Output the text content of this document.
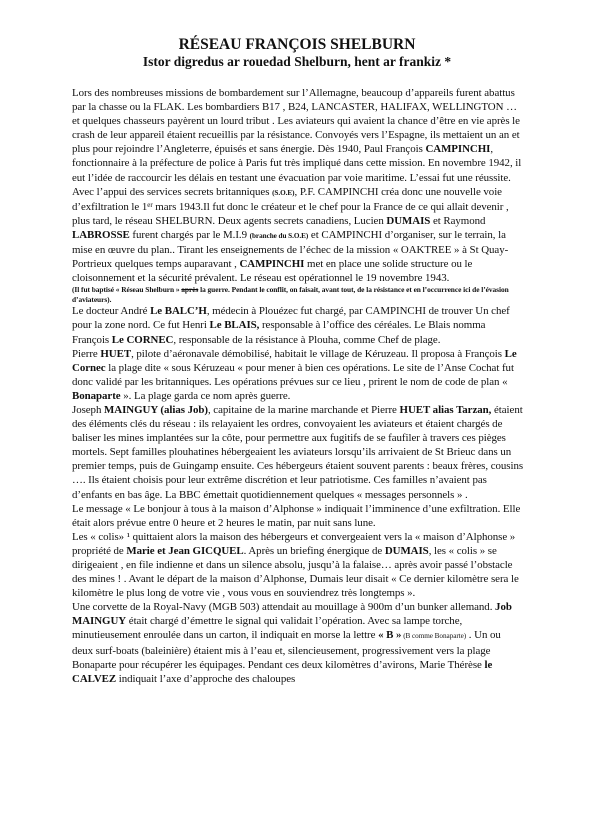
RÉSEAU FRANÇOIS SHELBURN
Istor digredus ar rouedad Shelburn, hent ar frankiz *

Lors des nombreuses missions de bombardement sur l’Allemagne, beaucoup d’appareils furent abattus par la chasse ou la FLAK. Les bombardiers B17 , B24, LANCASTER, HALIFAX, WELLINGTON … et quelques chasseurs payèrent un lourd tribut . Les aviateurs qui avaient la chance d’être en vie après le crash de leur appareil étaient recueillis par la résistance. Convoyés vers l’Espagne, ils mettaient un an et plus pour rejoindre l’Angleterre, épuisés et sans énergie. Dès 1940, Paul François CAMPINCHI, fonctionnaire à la préfecture de police à Paris fut très impliqué dans cette mission. En novembre 1942, il eut l’idée de raccourcir les délais en testant une évacuation par voie maritime. L’essai fut une réussite. Avec l’appui des services secrets britanniques (S.O.E), P.F. CAMPINCHI créa donc une nouvelle voie d’exfiltration le 1er mars 1943.Il fut donc le créateur et le chef pour la France de ce qui allait devenir , plus tard, le réseau SHELBURN. Deux agents secrets canadiens, Lucien DUMAIS et Raymond LABROSSE furent chargés par le M.I.9 (branche du S.O.E) et CAMPINCHI d’organiser, sur le terrain, la mise en œuvre du plan.. Tirant les enseignements de l’échec de la mission « OAKTREE » à St Quay- Portrieux quelques temps auparavant , CAMPINCHI met en place une solide structure ou le cloisonnement et la sécurité prévalent. Le réseau est opérationnel le 19 novembre 1943.

(Il fut baptisé « Réseau Shelburn » après la guerre. Pendant le conflit, on faisait, avant tout, de la résistance et en l’occurrence ici de l’évasion d’aviateurs).

Le docteur André Le BALC’H, médecin à Plouézec fut chargé, par CAMPINCHI de trouver Un chef pour la zone nord. Ce fut Henri Le BLAIS, responsable à l’office des céréales. Le Blais nomma François Le CORNEC, responsable de la résistance à Plouha, comme Chef de plage.

Pierre HUET, pilote d’aéronavale démobilisé, habitait le village de Kéruzeau. Il proposa à François Le Cornec la plage dite « sous Kéruzeau « pour mener à bien ces opérations. Le site de l’Anse Cochat fut donc validé par les britanniques. Les opérations prévues sur ce lieu , prirent le nom de code de plan « Bonaparte ». La plage garda ce nom après guerre.

Joseph MAINGUY (alias Job), capitaine de la marine marchande et Pierre HUET alias Tarzan, étaient des éléments clés du réseau : ils relayaient les ordres, convoyaient les aviateurs et étaient chargés de baliser les mines implantées sur la côte, pour permettre aux fugitifs de se faufiler à travers ces pièges mortels. Sept familles plouhatines hébergeaient les aviateurs lorsqu’ils arrivaient de St Brieuc dans un premier temps, puis de Guingamp ensuite. Ces hébergeurs étaient souvent parents : beaux frères, cousins …. Ils étaient choisis pour leur extrême discrétion et leur patriotisme. Ces familles n’avaient pas d’enfants en bas âge. La BBC émettait quotidiennement quelques « messages personnels » .

Le message « Le bonjour à tous à la maison d’Alphonse » indiquait l’imminence d’une exfiltration. Elle était alors prévue entre 0 heure et 2 heures le matin, par nuit sans lune.

Les « colis» ¹ quittaient alors la maison des hébergeurs et convergeaient vers la « maison d’Alphonse » propriété de Marie et Jean GICQUEL. Après un briefing énergique de DUMAIS, les « colis » se dirigeaient , en file indienne et dans un silence absolu, jusqu’à la falaise… après avoir passé l’obstacle des mines ! . Avant le départ de la maison d’Alphonse, Dumais leur disait « Ce dernier kilomètre sera le kilomètre le plus long de votre vie , vous vous en souviendrez très longtemps ».

Une corvette de la Royal-Navy (MGB 503) attendait au mouillage à 900m d’un bunker allemand. Job MAINGUY était chargé d’émettre le signal qui validait l’opération. Avec sa lampe torche, minutieusement enroulée dans un carton, il indiquait en morse la lettre « B » (B comme Bonaparte) . Un ou deux surf-boats (baleinière) étaient mis à l’eau et, silencieusement, progressivement vers la plage Bonaparte pour récupérer les équipages. Pendant ces deux kilomètres d’avirons, Marie Thérèse le CALVEZ indiquait l’axe d’approche des chaloupes
